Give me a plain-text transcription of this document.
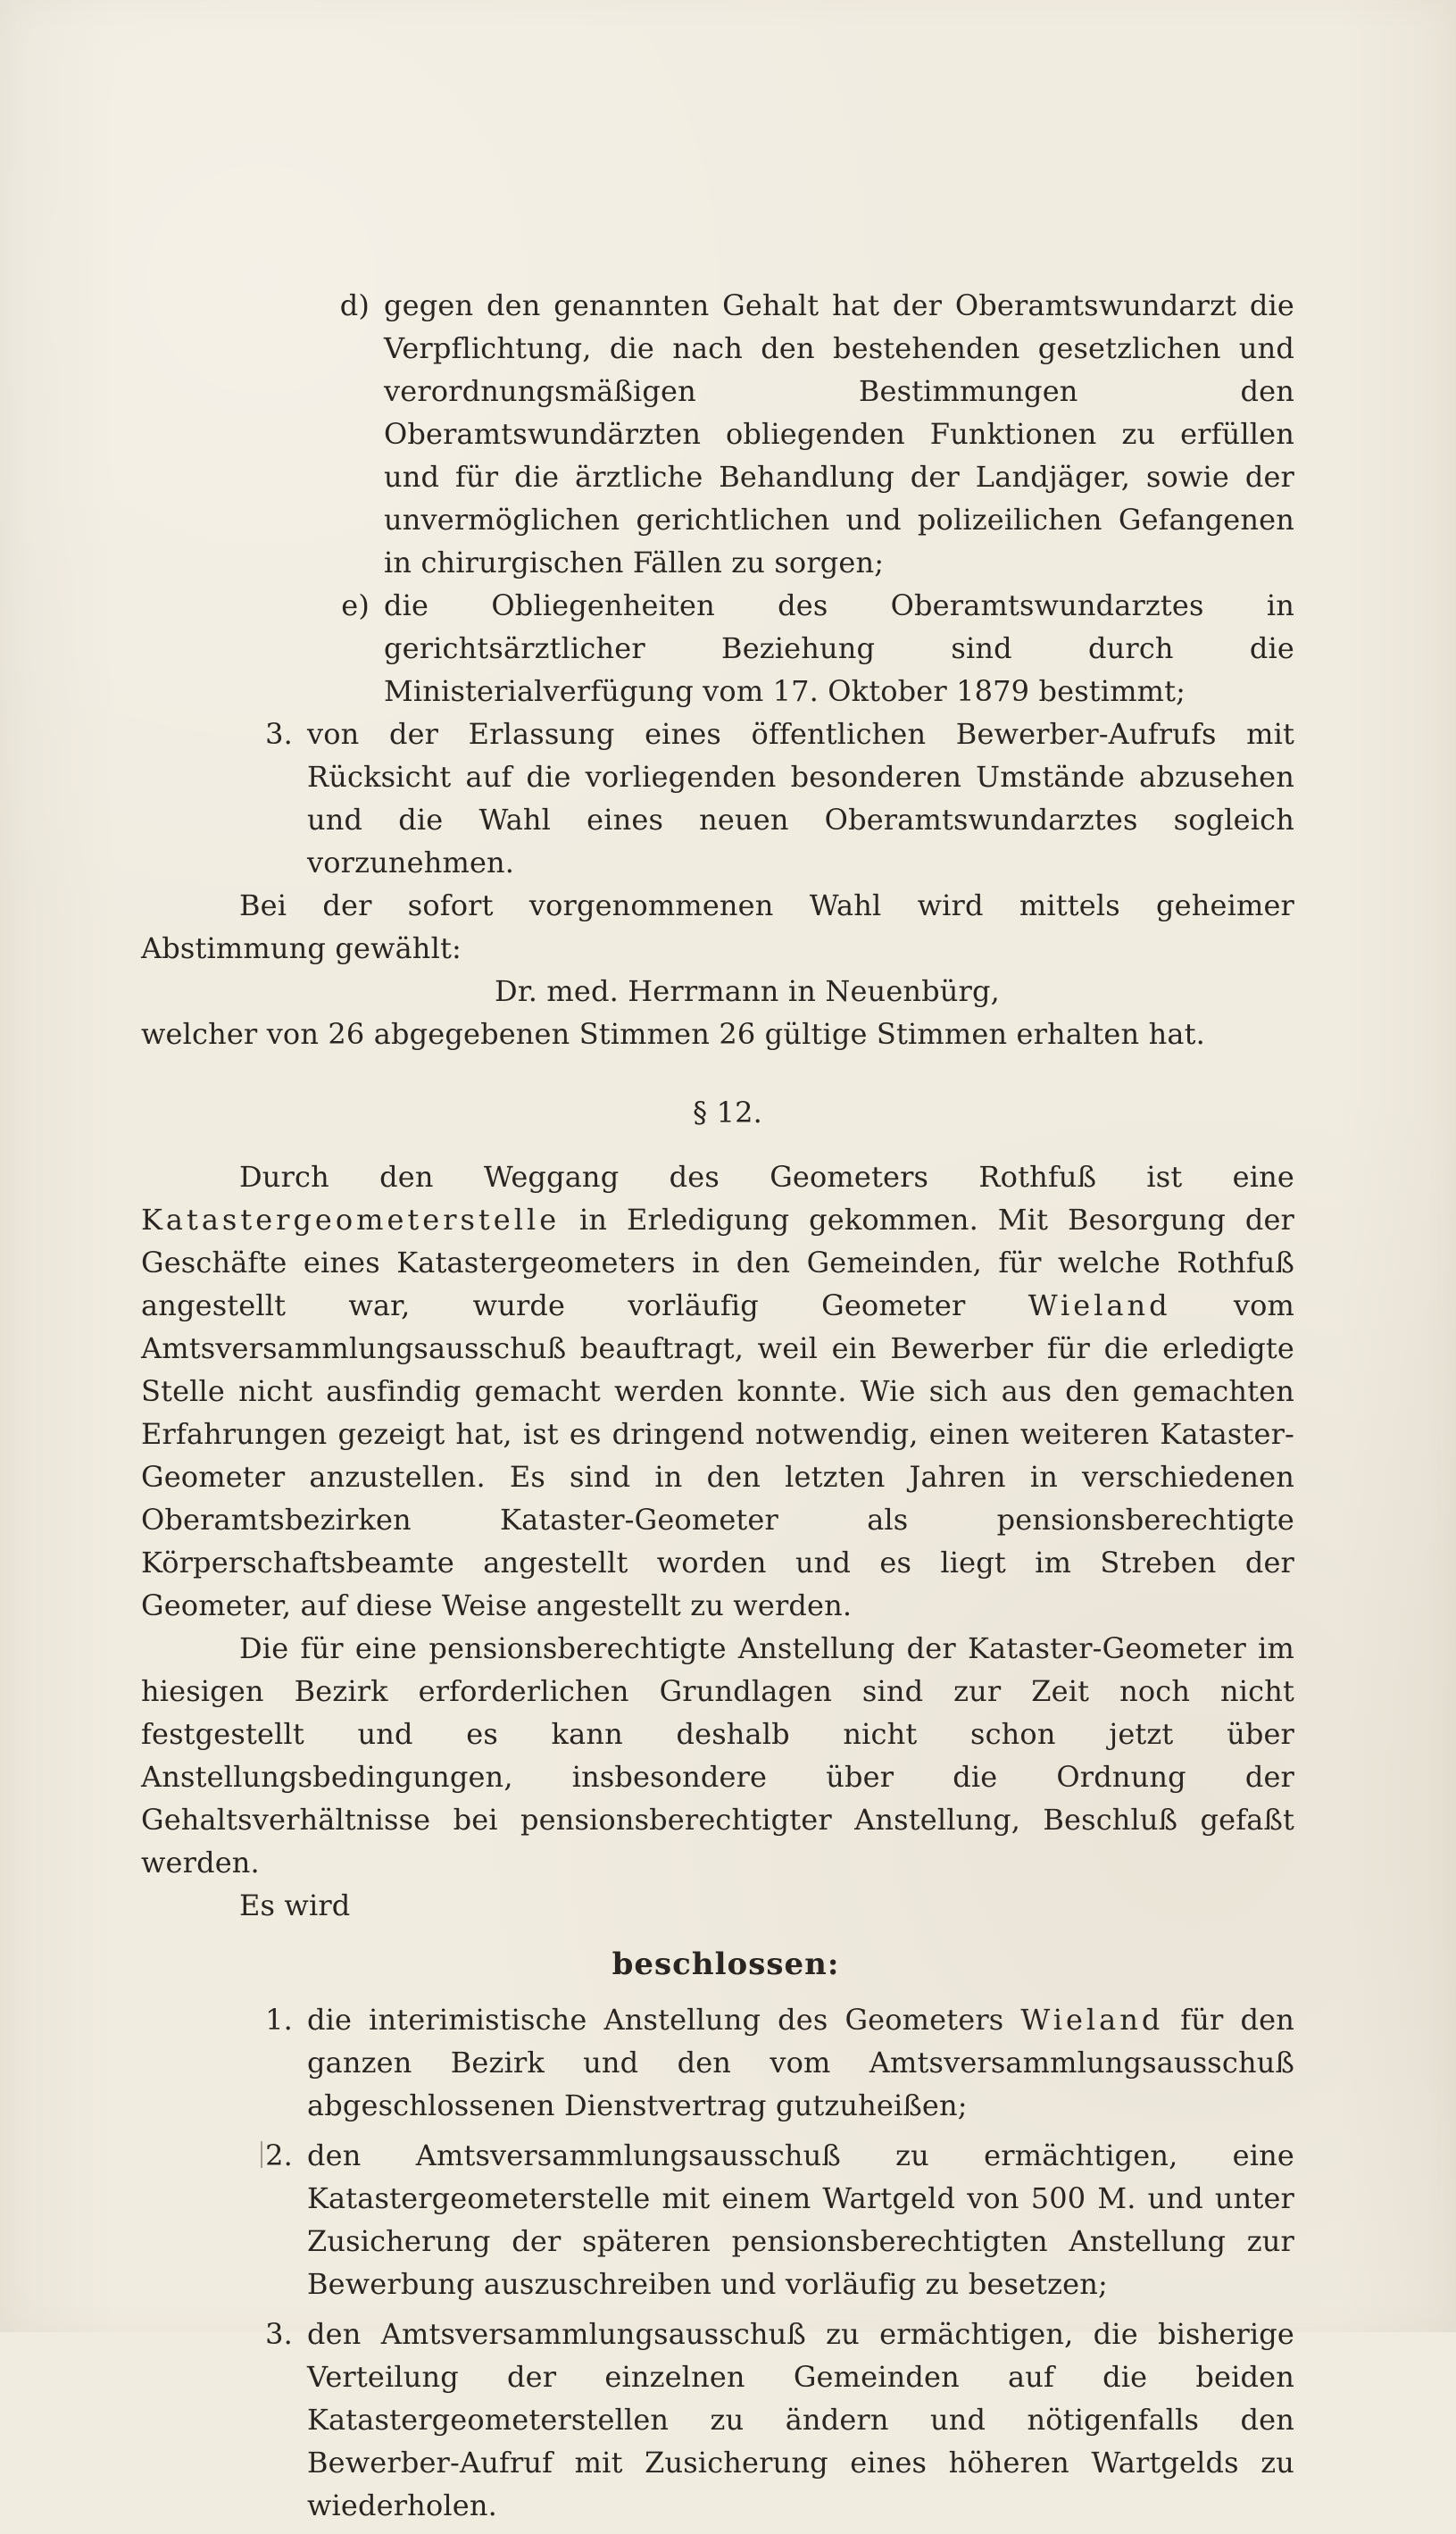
d) gegen den genannten Gehalt hat der Oberamtswundarzt die Verpflichtung, die nach den bestehenden gesetzlichen und verordnungsmäßigen Bestimmungen den Oberamtswundärzten obliegenden Funktionen zu erfüllen und für die ärztliche Behandlung der Landjäger, sowie der unvermöglichen gerichtlichen und polizeilichen Gefangenen in chirurgischen Fällen zu sorgen;
e) die Obliegenheiten des Oberamtswundarztes in gerichtsärztlicher Beziehung sind durch die Ministerialverfügung vom 17. Oktober 1879 bestimmt;
3. von der Erlassung eines öffentlichen Bewerber-Aufrufs mit Rücksicht auf die vorliegenden besonderen Umstände abzusehen und die Wahl eines neuen Oberamtswundarztes sogleich vorzunehmen.

Bei der sofort vorgenommenen Wahl wird mittels geheimer Abstimmung gewählt:

Dr. med. Herrmann in Neuenbürg,

welcher von 26 abgegebenen Stimmen 26 gültige Stimmen erhalten hat.

§ 12.

Durch den Weggang des Geometers Rothfuß ist eine Katastergeometerstelle in Erledigung gekommen. Mit Besorgung der Geschäfte eines Katastergeometers in den Gemeinden, für welche Rothfuß angestellt war, wurde vorläufig Geometer Wieland vom Amtsversammlungsausschuß beauftragt, weil ein Bewerber für die erledigte Stelle nicht ausfindig gemacht werden konnte. Wie sich aus den gemachten Erfahrungen gezeigt hat, ist es dringend notwendig, einen weiteren Kataster-Geometer anzustellen. Es sind in den letzten Jahren in verschiedenen Oberamtsbezirken Kataster-Geometer als pensionsberechtigte Körperschaftsbeamte angestellt worden und es liegt im Streben der Geometer, auf diese Weise angestellt zu werden.

Die für eine pensionsberechtigte Anstellung der Kataster-Geometer im hiesigen Bezirk erforderlichen Grundlagen sind zur Zeit noch nicht festgestellt und es kann deshalb nicht schon jetzt über Anstellungsbedingungen, insbesondere über die Ordnung der Gehaltsverhältnisse bei pensionsberechtigter Anstellung, Beschluß gefaßt werden.

Es wird

beschlossen:
1. die interimistische Anstellung des Geometers Wieland für den ganzen Bezirk und den vom Amtsversammlungsausschuß abgeschlossenen Dienstvertrag gutzuheißen;
2. den Amtsversammlungsausschuß zu ermächtigen, eine Katastergeometerstelle mit einem Wartgeld von 500 M. und unter Zusicherung der späteren pensionsberechtigten Anstellung zur Bewerbung auszuschreiben und vorläufig zu besetzen;
3. den Amtsversammlungsausschuß zu ermächtigen, die bisherige Verteilung der einzelnen Gemeinden auf die beiden Katastergeometerstellen zu ändern und nötigenfalls den Bewerber-Aufruf mit Zusicherung eines höheren Wartgelds zu wiederholen.
